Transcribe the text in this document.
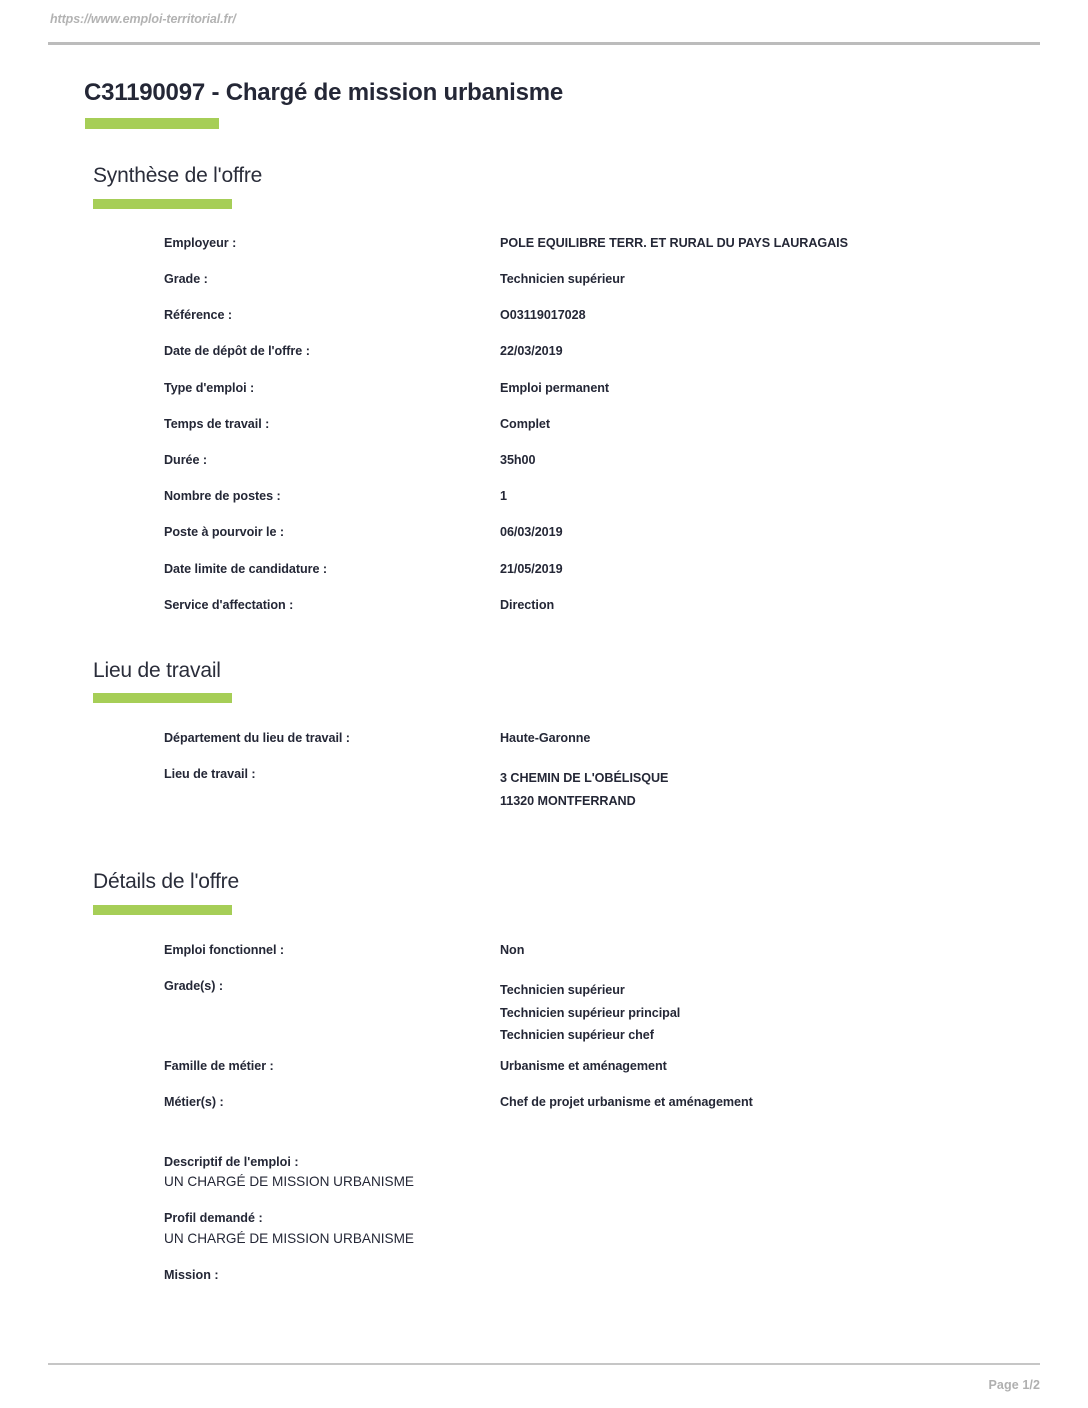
https://www.emploi-territorial.fr/
C31190097 - Chargé de mission urbanisme
Synthèse de l'offre
Employeur :	POLE EQUILIBRE TERR. ET RURAL DU PAYS LAURAGAIS
Grade :	Technicien supérieur
Référence :	O03119017028
Date de dépôt de l'offre :	22/03/2019
Type d'emploi :	Emploi permanent
Temps de travail :	Complet
Durée :	35h00
Nombre de postes :	1
Poste à pourvoir le :	06/03/2019
Date limite de candidature :	21/05/2019
Service d'affectation :	Direction
Lieu de travail
Département du lieu de travail :	Haute-Garonne
Lieu de travail :	3 CHEMIN DE L'OBÉLISQUE
11320 MONTFERRAND
Détails de l'offre
Emploi fonctionnel :	Non
Grade(s) :	Technicien supérieur
Technicien supérieur principal
Technicien supérieur chef
Famille de métier :	Urbanisme et aménagement
Métier(s) :	Chef de projet urbanisme et aménagement
Descriptif de l'emploi :
UN CHARGÉ DE MISSION URBANISME
Profil demandé :
UN CHARGÉ DE MISSION URBANISME
Mission :
Page 1/2
